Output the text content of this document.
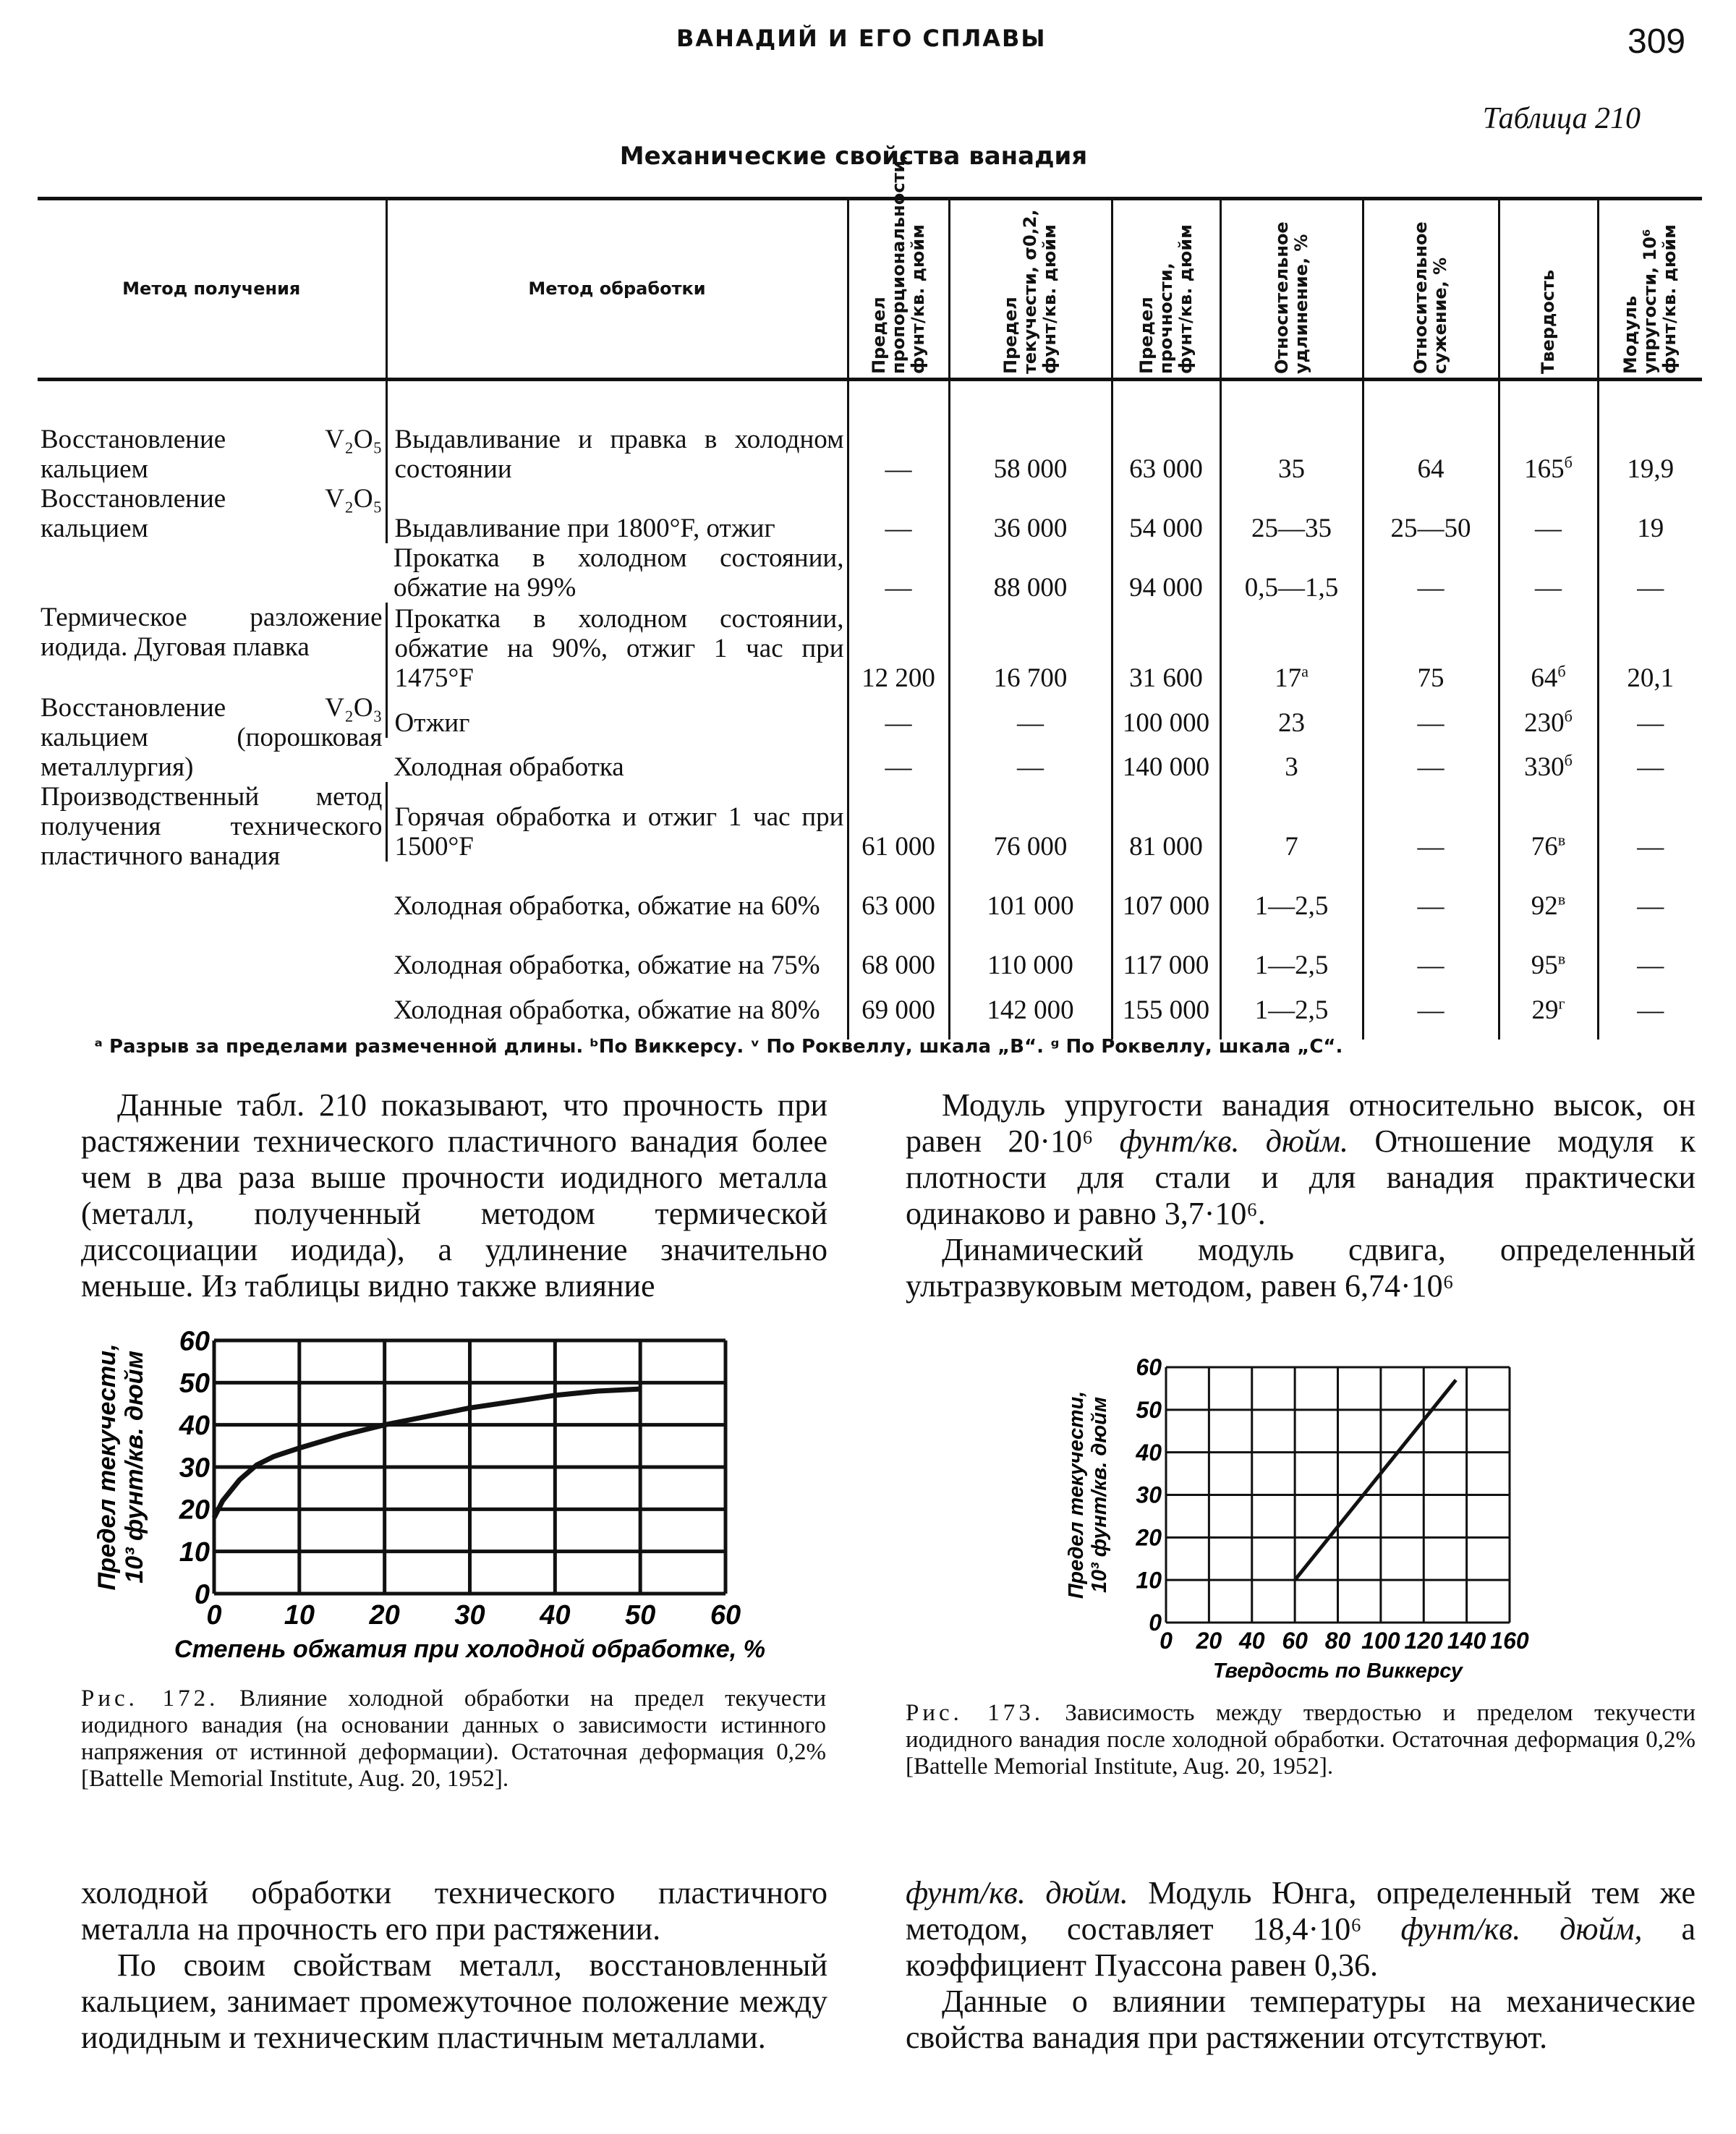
ВАНАДИЙ И ЕГО СПЛАВЫ	309
Таблица 210
Механические свойства ванадия
Метод получения	Метод обработки	Предел пропорциональности, фунт/кв. дюйм	Предел текучести, σ0,2, фунт/кв. дюйм	Предел прочности, фунт/кв. дюйм	Относительное удлинение, %	Относительное сужение, %	Твердость	Модуль упругости, 10⁶ фунт/кв. дюйм

Восстановление V₂O₅ кальцием	Выдавливание и правка в холодном состоянии	—	58 000	63 000	35	64	$165^б$	19,9
Восстановление V₂O₅ кальцием	Выдавливание при 1800°F, отжиг	—	36 000	54 000	25—35	25—50	—	19
	Прокатка в холодном состоянии, обжатие на 99%	—	88 000	94 000	0,5—1,5	—	—	—
Термическое разложение иодида. Дуговая плавка	Прокатка в холодном состоянии, обжатие на 90%, отжиг 1 час при 1475°F	12 200	16 700	31 600	$17^а$	75	$64^б$	20,1
Восстановление V₂O₃ кальцием (порошковая металлургия)	Отжиг	—	—	100 000	23	—	$230^б$	—
	Холодная обработка	—	—	140 000	3	—	$330^б$	—
Производственный метод получения технического пластичного ванадия	Горячая обработка и отжиг 1 час при 1500°F	61 000	76 000	81 000	7	—	$76^в$	—
	Холодная обработка, обжатие на 60%	63 000	101 000	107 000	1—2,5	—	$92^в$	—
	Холодная обработка, обжатие на 75%	68 000	110 000	117 000	1—2,5	—	$95^в$	—
	Холодная обработка, обжатие на 80%	69 000	142 000	155 000	1—2,5	—	$29^г$	—
ᵃ Разрыв за пределами размеченной длины. ᵇПо Виккерсу. ᵛ По Роквеллу, шкала „В“. ᵍ По Роквеллу, шкала „С“.

Данные табл. 210 показывают, что прочность при растяжении технического пластичного ванадия более чем в два раза выше прочности иодидного металла (металл, полученный методом термической диссоциации иодида), а удлинение значительно меньше. Из таблицы видно также влияние

Модуль упругости ванадия относительно высок, он равен 20·10⁶ фунт/кв. дюйм. Отношение модуля к плотности для стали и для ванадия практически одинаково и равно 3,7·10⁶.

Динамический модуль сдвига, определенный ультразвуковым методом, равен 6,74·10⁶

0 10 20 30 40 50 60
0
10
20
30
40
50
60
Степень обжатия при холодной обработке, %
Предел текучести, 10³ фунт/кв. дюйм
Рис. 172. Влияние холодной обработки на предел текучести иодидного ванадия (на основании данных о зависимости истинного напряжения от истинной деформации). Остаточная деформация 0,2% [Battelle Memorial Institute, Aug. 20, 1952].
0 20 40 60 80 100 120 140 160
0
10
20
30
40
50
60
Твердость по Виккерсу
Предел текучести, 10³ фунт/кв. дюйм
Рис. 173. Зависимость между твердостью и пределом текучести иодидного ванадия после холодной обработки. Остаточная деформация 0,2% [Battelle Memorial Institute, Aug. 20, 1952].

холодной обработки технического пластичного металла на прочность его при растяжении.

По своим свойствам металл, восстановленный кальцием, занимает промежуточное положение между иодидным и техническим пластичным металлами.

фунт/кв. дюйм. Модуль Юнга, определенный тем же методом, составляет 18,4·10⁶ фунт/кв. дюйм, а коэффициент Пуассона равен 0,36.

Данные о влиянии температуры на механические свойства ванадия при растяжении отсутствуют.
